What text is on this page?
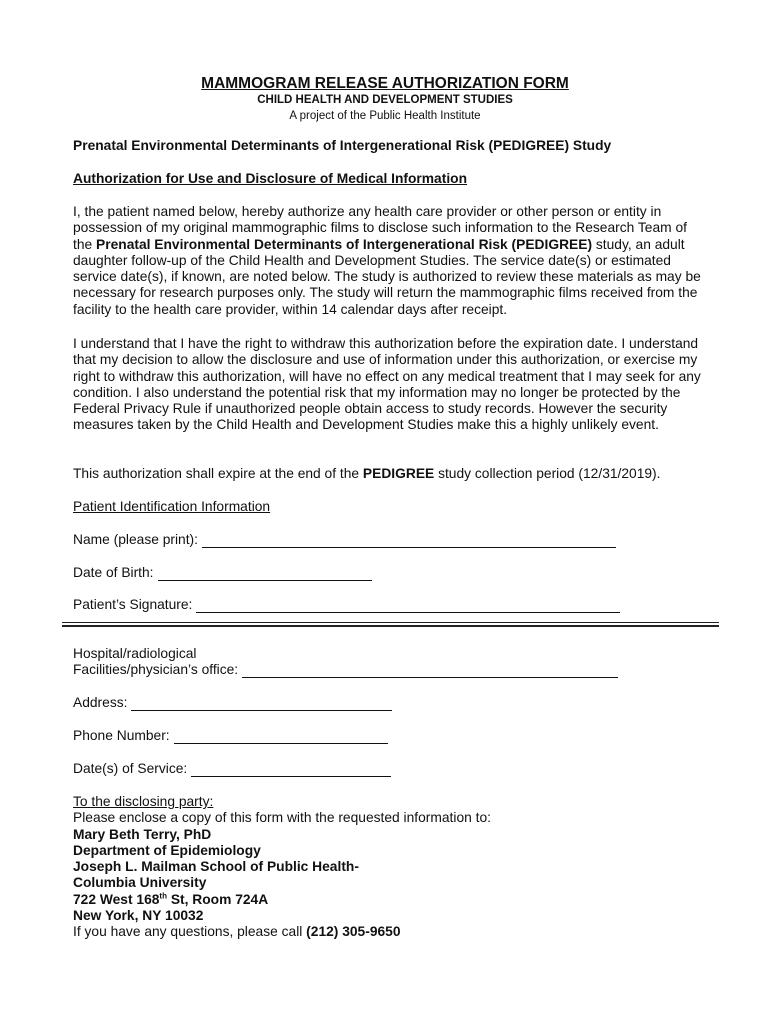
MAMMOGRAM RELEASE AUTHORIZATION FORM

CHILD HEALTH AND DEVELOPMENT STUDIES

A project of the Public Health Institute

Prenatal Environmental Determinants of Intergenerational Risk (PEDIGREE) Study
Authorization for Use and Disclosure of Medical Information
I, the patient named below, hereby authorize any health care provider or other person or entity in possession of my original mammographic films to disclose such information to the Research Team of the Prenatal Environmental Determinants of Intergenerational Risk (PEDIGREE) study, an adult daughter follow-up of the Child Health and Development Studies. The service date(s) or estimated service date(s), if known, are noted below. The study is authorized to review these materials as may be necessary for research purposes only. The study will return the mammographic films received from the facility to the health care provider, within 14 calendar days after receipt.
I understand that I have the right to withdraw this authorization before the expiration date. I understand that my decision to allow the disclosure and use of information under this authorization, or exercise my right to withdraw this authorization, will have no effect on any medical treatment that I may seek for any condition. I also understand the potential risk that my information may no longer be protected by the Federal Privacy Rule if unauthorized people obtain access to study records. However the security measures taken by the Child Health and Development Studies make this a highly unlikely event.
This authorization shall expire at the end of the PEDIGREE study collection period (12/31/2019).
Patient Identification Information
Name (please print):
Date of Birth:
Patient’s Signature:
Hospital/radiological
Facilities/physician’s office:
Address:
Phone Number:
Date(s) of Service:
To the disclosing party:
Please enclose a copy of this form with the requested information to:
Mary Beth Terry, PhD
Department of Epidemiology
Joseph L. Mailman School of Public Health-
Columbia University
722 West 168th St, Room 724A
New York, NY 10032
If you have any questions, please call (212) 305-9650
